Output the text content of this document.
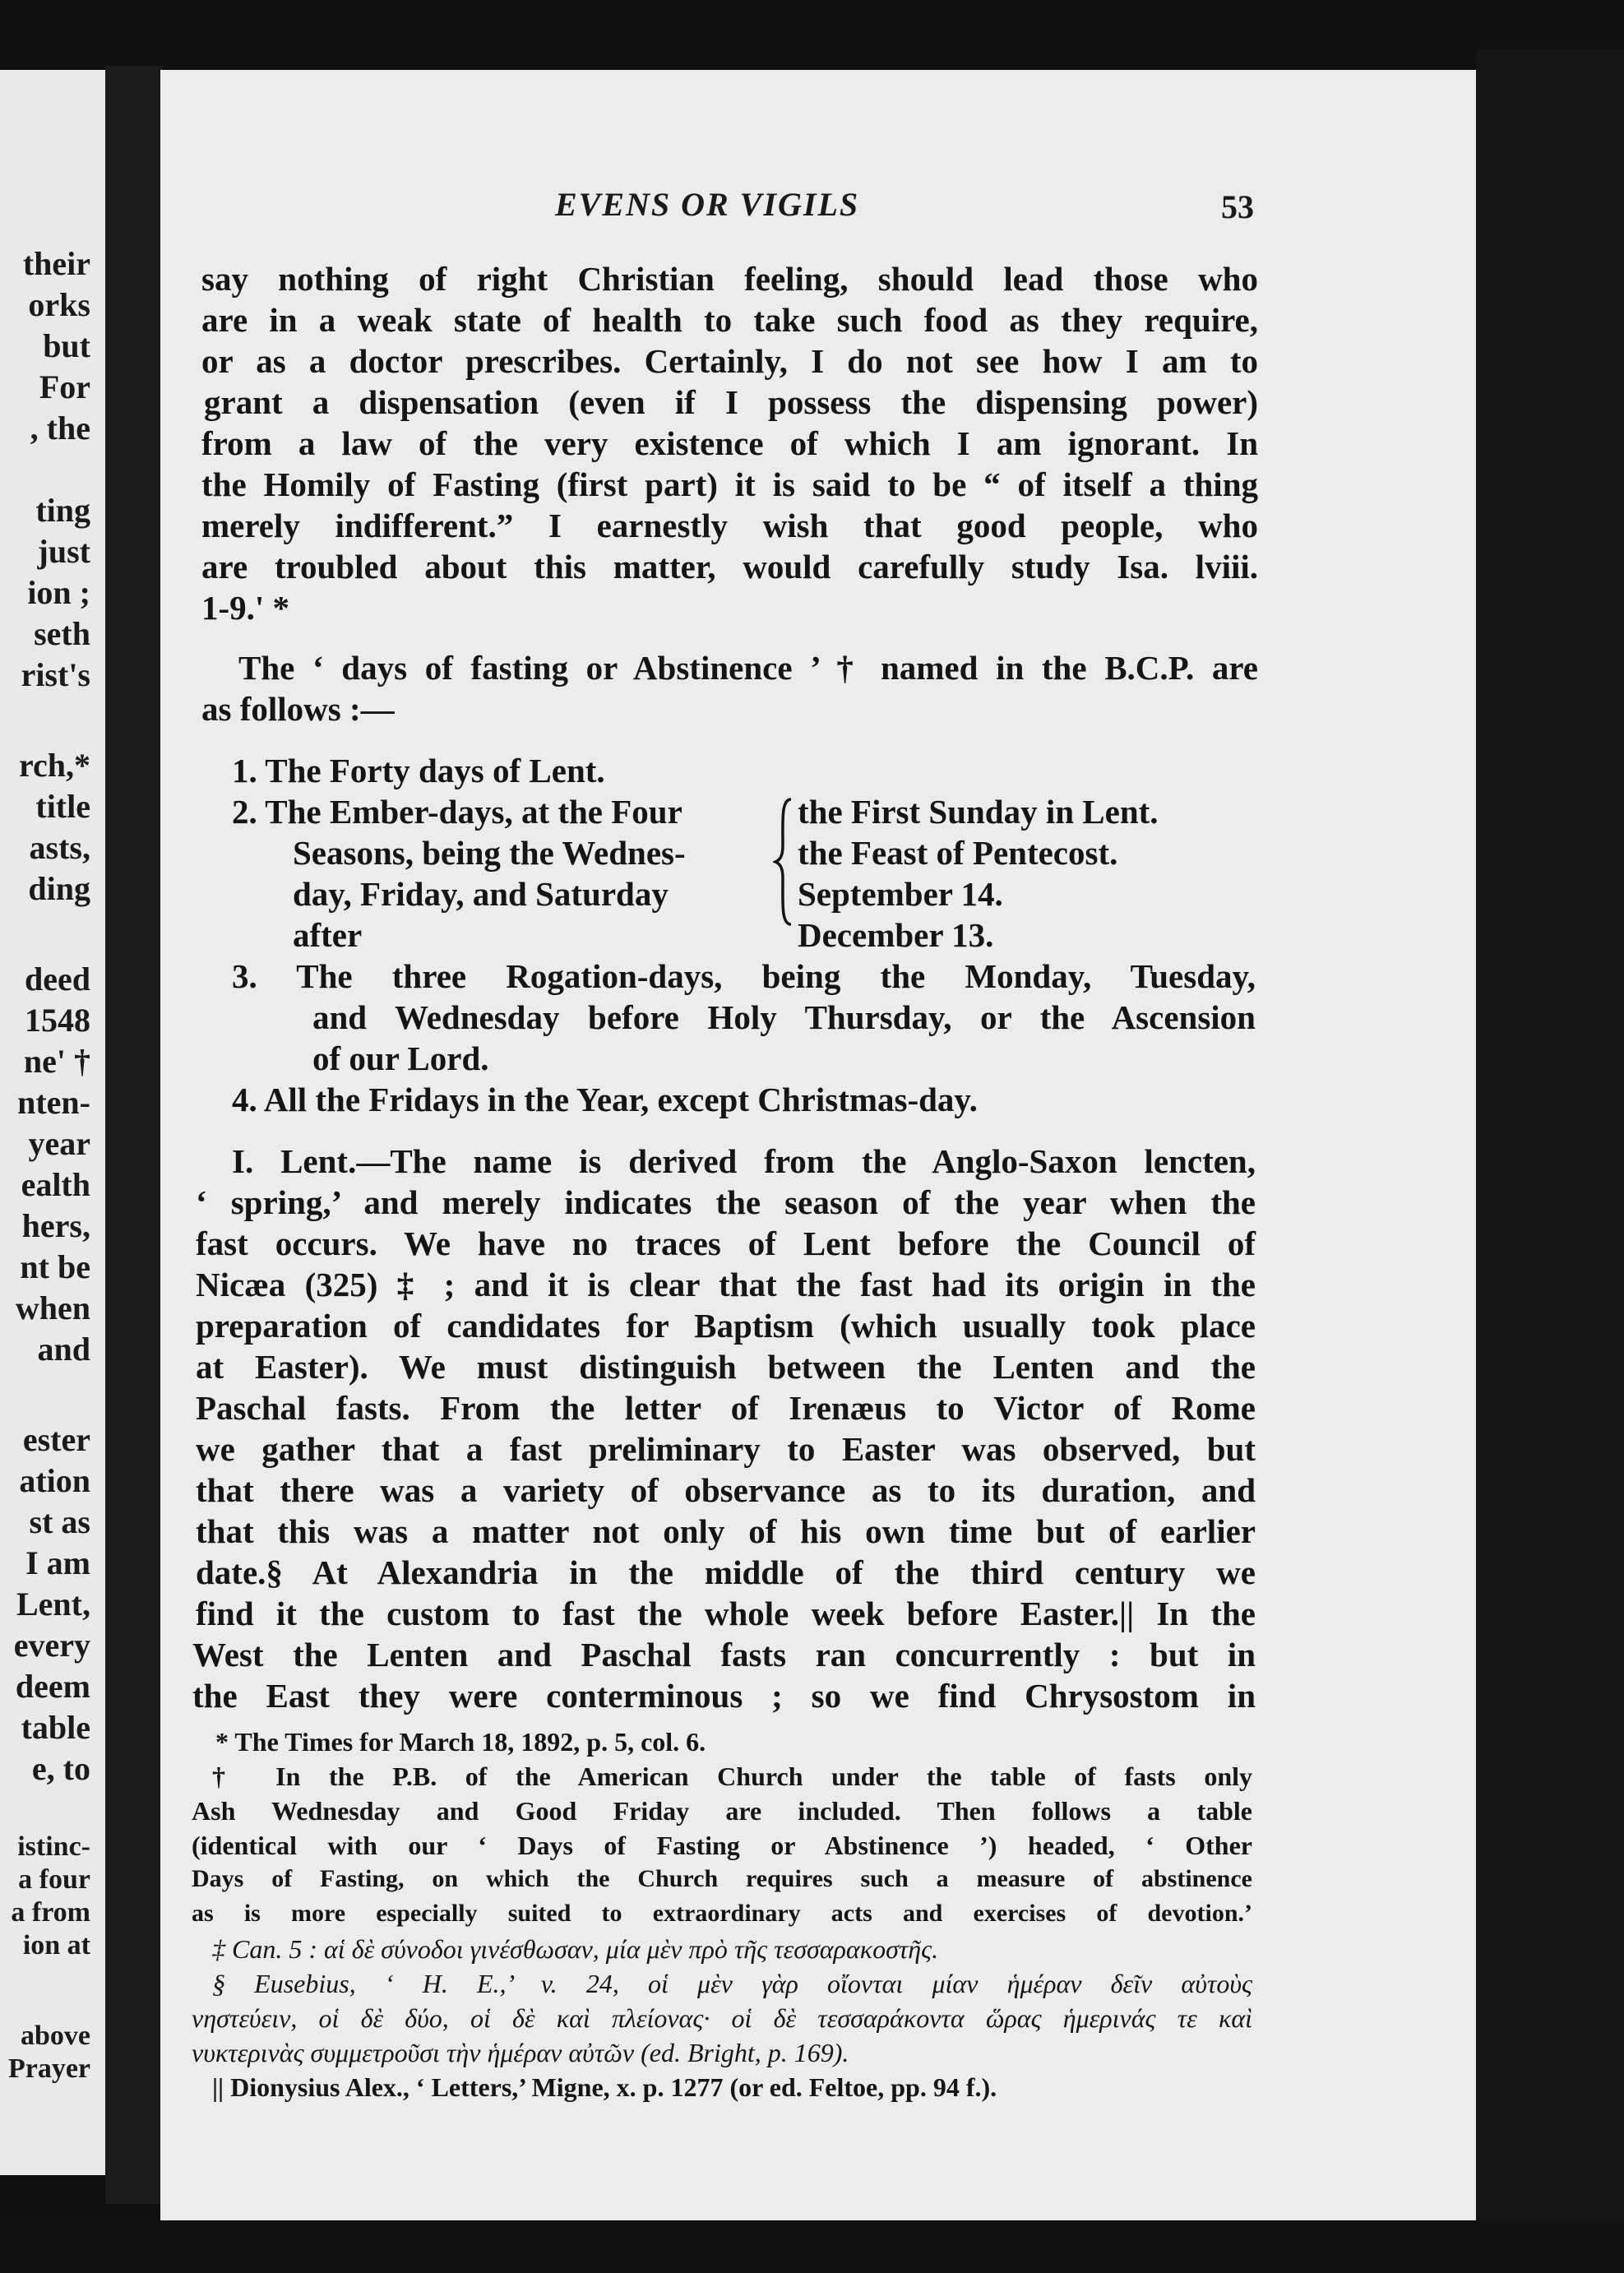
their
orks
but
For
, the
ting
just
ion ;
seth
rist's
rch,*
title
asts,
ding
deed
1548
ne' †
nten-
year
ealth
hers,
nt be
when
and
ester
ation
st as
I am
Lent,
every
deem
table
e, to
istinc-
a four
a from
ion at
above
Prayer
EVENS OR VIGILS	53
say nothing of right Christian feeling, should lead those who
are in a weak state of health to take such food as they require,
or as a doctor prescribes. Certainly, I do not see how I am to
grant a dispensation (even if I possess the dispensing power)
from a law of the very existence of which I am ignorant. In
the Homily of Fasting (first part) it is said to be “ of itself a thing
merely indifferent.” I earnestly wish that good people, who
are troubled about this matter, would carefully study Isa. lviii.
1-9.' *
The ‘ days of fasting or Abstinence ’ † named in the B.C.P. are
as follows :—
1. The Forty days of Lent.
2. The Ember-days, at the Four
Seasons, being the Wednes-
day, Friday, and Saturday
after
the First Sunday in Lent.
the Feast of Pentecost.
September 14.
December 13.
3. The three Rogation-days, being the Monday, Tuesday,
and Wednesday before Holy Thursday, or the Ascension
of our Lord.
4. All the Fridays in the Year, except Christmas-day.
I. Lent.—The name is derived from the Anglo-Saxon lencten,
‘ spring,’ and merely indicates the season of the year when the
fast occurs. We have no traces of Lent before the Council of
Nicæa (325) ‡ ; and it is clear that the fast had its origin in the
preparation of candidates for Baptism (which usually took place
at Easter). We must distinguish between the Lenten and the
Paschal fasts. From the letter of Irenæus to Victor of Rome
we gather that a fast preliminary to Easter was observed, but
that there was a variety of observance as to its duration, and
that this was a matter not only of his own time but of earlier
date.§ At Alexandria in the middle of the third century we
find it the custom to fast the whole week before Easter.|| In the
West the Lenten and Paschal fasts ran concurrently : but in
the East they were conterminous ; so we find Chrysostom in
* The Times for March 18, 1892, p. 5, col. 6.
† In the P.B. of the American Church under the table of fasts only
Ash Wednesday and Good Friday are included. Then follows a table
(identical with our ‘ Days of Fasting or Abstinence ’) headed, ‘ Other
Days of Fasting, on which the Church requires such a measure of abstinence
as is more especially suited to extraordinary acts and exercises of devotion.’
‡ Can. 5 : αἱ δὲ σύνοδοι γινέσθωσαν, μία μὲν πρὸ τῆς τεσσαρακοστῆς.
§ Eusebius, ‘ H. E.,’ v. 24, οἱ μὲν γὰρ οἴονται μίαν ἡμέραν δεῖν αὐτοὺς
νηστεύειν, οἱ δὲ δύο, οἱ δὲ καὶ πλείονας· οἱ δὲ τεσσαράκοντα ὥρας ἡμερινάς τε καὶ
νυκτερινὰς συμμετροῦσι τὴν ἡμέραν αὐτῶν (ed. Bright, p. 169).
|| Dionysius Alex., ‘ Letters,’ Migne, x. p. 1277 (or ed. Feltoe, pp. 94 f.).
